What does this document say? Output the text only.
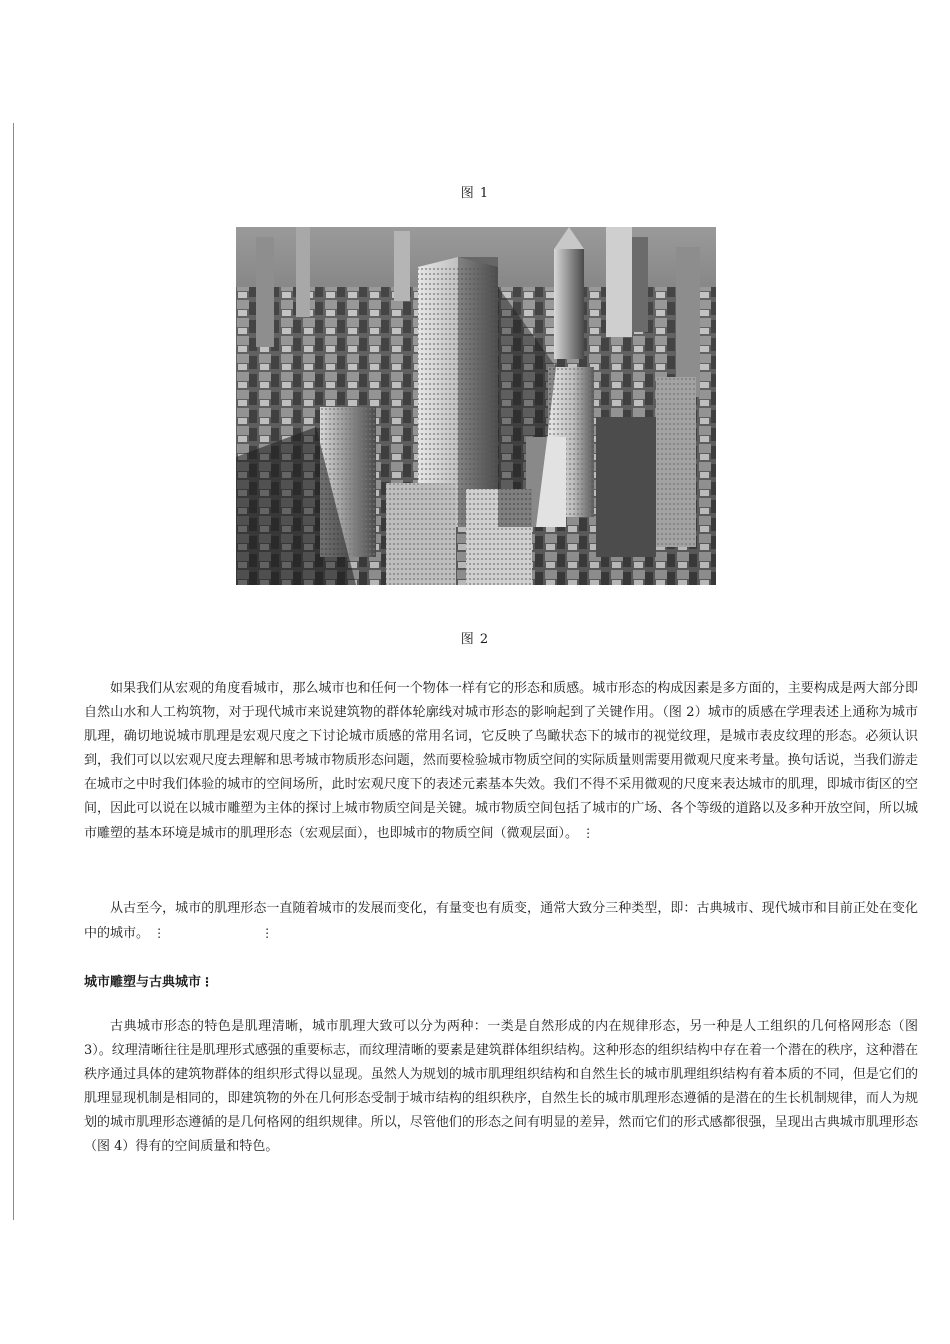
图 1
图 2

如果我们从宏观的角度看城市，那么城市也和任何一个物体一样有它的形态和质感。城市形态的构成因素是多方面的，主要构成是两大部分即自然山水和人工构筑物，对于现代城市来说建筑物的群体轮廓线对城市形态的影响起到了关键作用。（图 2）城市的质感在学理表述上通称为城市肌理，确切地说城市肌理是宏观尺度之下讨论城市质感的常用名词，它反映了鸟瞰状态下的城市的视觉纹理，是城市表皮纹理的形态。必须认识到，我们可以以宏观尺度去理解和思考城市物质形态问题，然而要检验城市物质空间的实际质量则需要用微观尺度来考量。换句话说，当我们游走在城市之中时我们体验的城市的空间场所，此时宏观尺度下的表述元素基本失效。我们不得不采用微观的尺度来表达城市的肌理，即城市街区的空间，因此可以说在以城市雕塑为主体的探讨上城市物质空间是关键。城市物质空间包括了城市的广场、各个等级的道路以及多种开放空间，所以城市雕塑的基本环境是城市的肌理形态（宏观层面），也即城市的物质空间（微观层面）。 ⋮

从古至今，城市的肌理形态一直随着城市的发展而变化，有量变也有质变，通常大致分三种类型，即：古典城市、现代城市和目前正处在变化中的城市。 ⋮	⋮

城市雕塑与古典城市⋮

古典城市形态的特色是肌理清晰，城市肌理大致可以分为两种：一类是自然形成的内在规律形态，另一种是人工组织的几何格网形态（图 3）。纹理清晰往往是肌理形式感强的重要标志，而纹理清晰的要素是建筑群体组织结构。这种形态的组织结构中存在着一个潜在的秩序，这种潜在秩序通过具体的建筑物群体的组织形式得以显现。虽然人为规划的城市肌理组织结构和自然生长的城市肌理组织结构有着本质的不同，但是它们的肌理显现机制是相同的，即建筑物的外在几何形态受制于城市结构的组织秩序，自然生长的城市肌理形态遵循的是潜在的生长机制规律，而人为规划的城市肌理形态遵循的是几何格网的组织规律。所以，尽管他们的形态之间有明显的差异，然而它们的形式感都很强，呈现出古典城市肌理形态（图 4）得有的空间质量和特色。
